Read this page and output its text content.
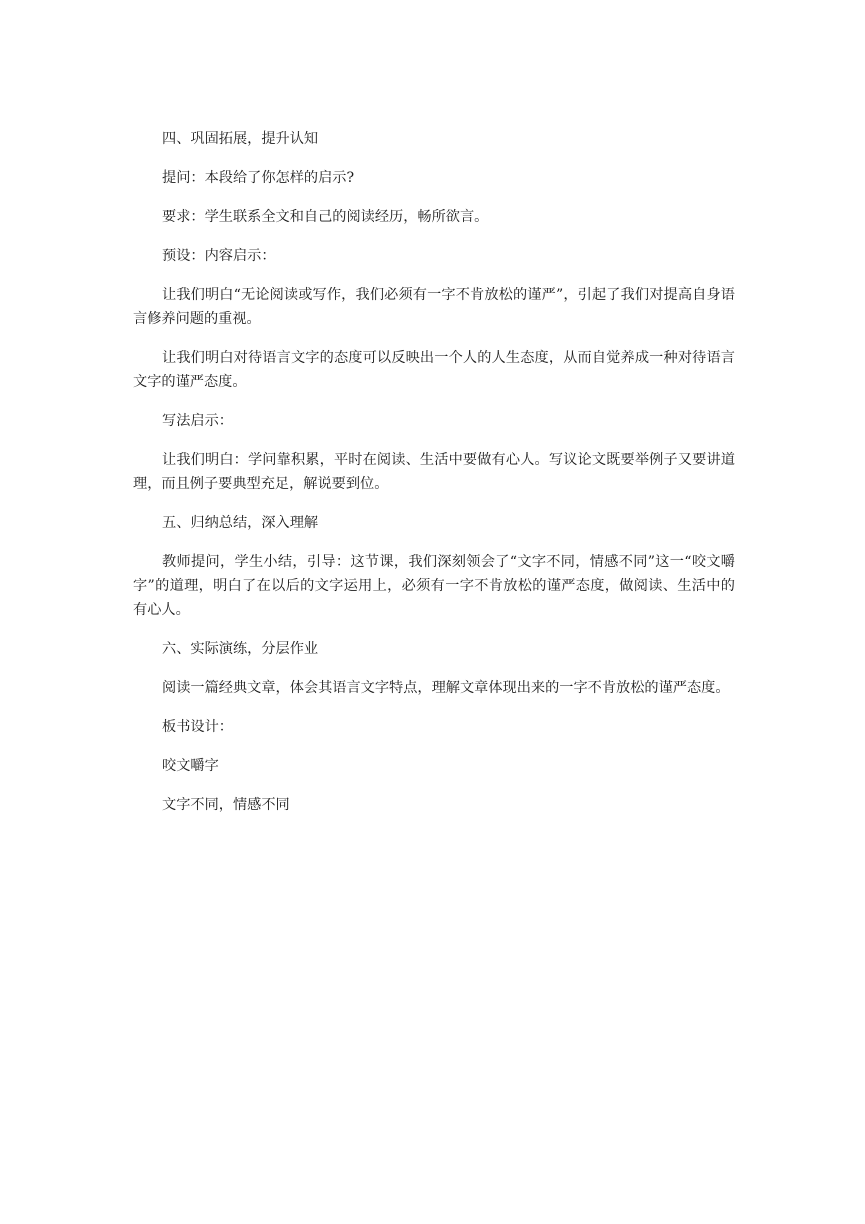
四、巩固拓展，提升认知

提问：本段给了你怎样的启示?

要求：学生联系全文和自己的阅读经历，畅所欲言。

预设：内容启示：

让我们明白“无论阅读或写作，我们必须有一字不肯放松的谨严”，引起了我们对提高自身语言修养问题的重视。

让我们明白对待语言文字的态度可以反映出一个人的人生态度，从而自觉养成一种对待语言文字的谨严态度。

写法启示：

让我们明白：学问靠积累，平时在阅读、生活中要做有心人。写议论文既要举例子又要讲道理，而且例子要典型充足，解说要到位。

五、归纳总结，深入理解

教师提问，学生小结，引导：这节课，我们深刻领会了“文字不同，情感不同”这一“咬文嚼字”的道理，明白了在以后的文字运用上，必须有一字不肯放松的谨严态度，做阅读、生活中的有心人。

六、实际演练，分层作业

阅读一篇经典文章，体会其语言文字特点，理解文章体现出来的一字不肯放松的谨严态度。

板书设计：

咬文嚼字

文字不同，情感不同
